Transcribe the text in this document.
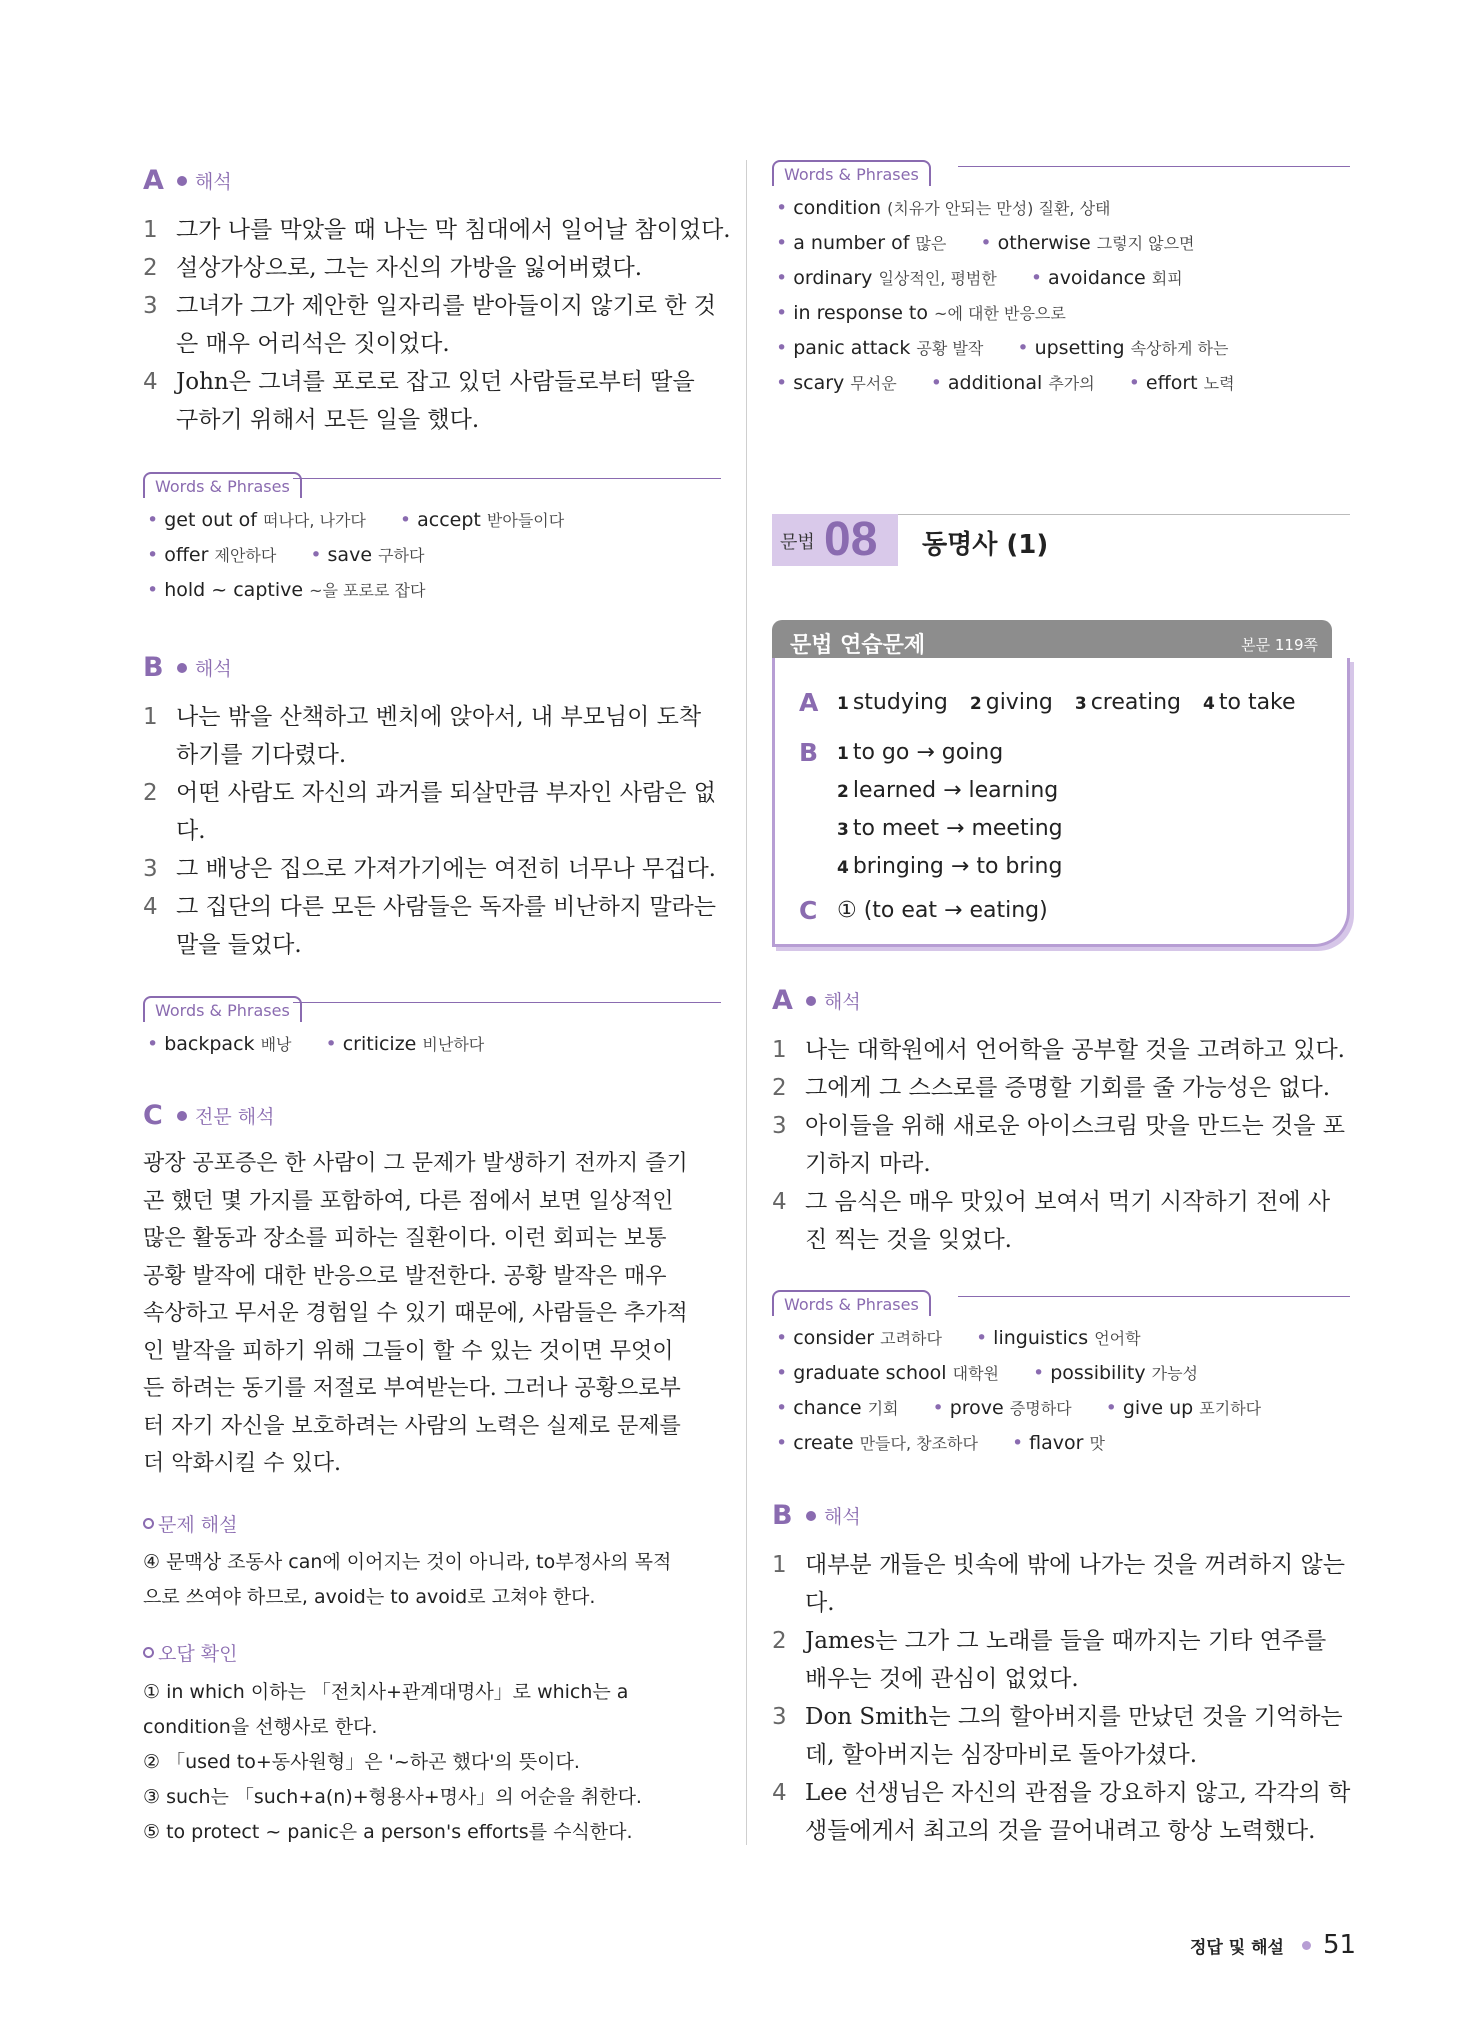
A	해석
1 그가 나를 막았을 때 나는 막 침대에서 일어날 참이었다.
2 설상가상으로, 그는 자신의 가방을 잃어버렸다.
3 그녀가 그가 제안한 일자리를 받아들이지 않기로 한 것
은 매우 어리석은 짓이었다.
4 John은 그녀를 포로로 잡고 있던 사람들로부터 딸을
구하기 위해서 모든 일을 했다.
Words & Phrases
• get out of 떠나다, 나가다 • accept 받아들이다
• offer 제안하다 • save 구하다
• hold ~ captive ~을 포로로 잡다
B	해석
1 나는 밖을 산책하고 벤치에 앉아서, 내 부모님이 도착
하기를 기다렸다.
2 어떤 사람도 자신의 과거를 되살만큼 부자인 사람은 없
다.
3 그 배낭은 집으로 가져가기에는 여전히 너무나 무겁다.
4 그 집단의 다른 모든 사람들은 독자를 비난하지 말라는
말을 들었다.
Words & Phrases
• backpack 배낭 • criticize 비난하다
C	전문 해석
광장 공포증은 한 사람이 그 문제가 발생하기 전까지 즐기
곤 했던 몇 가지를 포함하여, 다른 점에서 보면 일상적인
많은 활동과 장소를 피하는 질환이다. 이런 회피는 보통
공황 발작에 대한 반응으로 발전한다. 공황 발작은 매우
속상하고 무서운 경험일 수 있기 때문에, 사람들은 추가적
인 발작을 피하기 위해 그들이 할 수 있는 것이면 무엇이
든 하려는 동기를 저절로 부여받는다. 그러나 공황으로부
터 자기 자신을 보호하려는 사람의 노력은 실제로 문제를
더 악화시킬 수 있다.
문제 해설
④ 문맥상 조동사 can에 이어지는 것이 아니라, to부정사의 목적
으로 쓰여야 하므로, avoid는 to avoid로 고쳐야 한다.
오답 확인
① in which 이하는 「전치사+관계대명사」로 which는 a
condition을 선행사로 한다.
② 「used to+동사원형」은 '~하곤 했다'의 뜻이다.
③ such는 「such+a(n)+형용사+명사」의 어순을 취한다.
⑤ to protect ~ panic은 a person's efforts를 수식한다.
Words & Phrases
• condition (치유가 안되는 만성) 질환, 상태
• a number of 많은 • otherwise 그렇지 않으면
• ordinary 일상적인, 평범한 • avoidance 회피
• in response to ~에 대한 반응으로
• panic attack 공황 발작 • upsetting 속상하게 하는
• scary 무서운 • additional 추가의 • effort 노력
문법 08 동명사 (1)
문법 연습문제	본문 119쪽
A 1 studying 2 giving 3 creating 4 to take
B 1 to go → going
2 learned → learning
3 to meet → meeting
4 bringing → to bring
C ① (to eat → eating)
A	해석
1 나는 대학원에서 언어학을 공부할 것을 고려하고 있다.
2 그에게 그 스스로를 증명할 기회를 줄 가능성은 없다.
3 아이들을 위해 새로운 아이스크림 맛을 만드는 것을 포
기하지 마라.
4 그 음식은 매우 맛있어 보여서 먹기 시작하기 전에 사
진 찍는 것을 잊었다.
Words & Phrases
• consider 고려하다 • linguistics 언어학
• graduate school 대학원 • possibility 가능성
• chance 기회 • prove 증명하다 • give up 포기하다
• create 만들다, 창조하다 • flavor 맛
B	해석
1 대부분 개들은 빗속에 밖에 나가는 것을 꺼려하지 않는
다.
2 James는 그가 그 노래를 들을 때까지는 기타 연주를
배우는 것에 관심이 없었다.
3 Don Smith는 그의 할아버지를 만났던 것을 기억하는
데, 할아버지는 심장마비로 돌아가셨다.
4 Lee 선생님은 자신의 관점을 강요하지 않고, 각각의 학
생들에게서 최고의 것을 끌어내려고 항상 노력했다.
정답 및 해설 51
